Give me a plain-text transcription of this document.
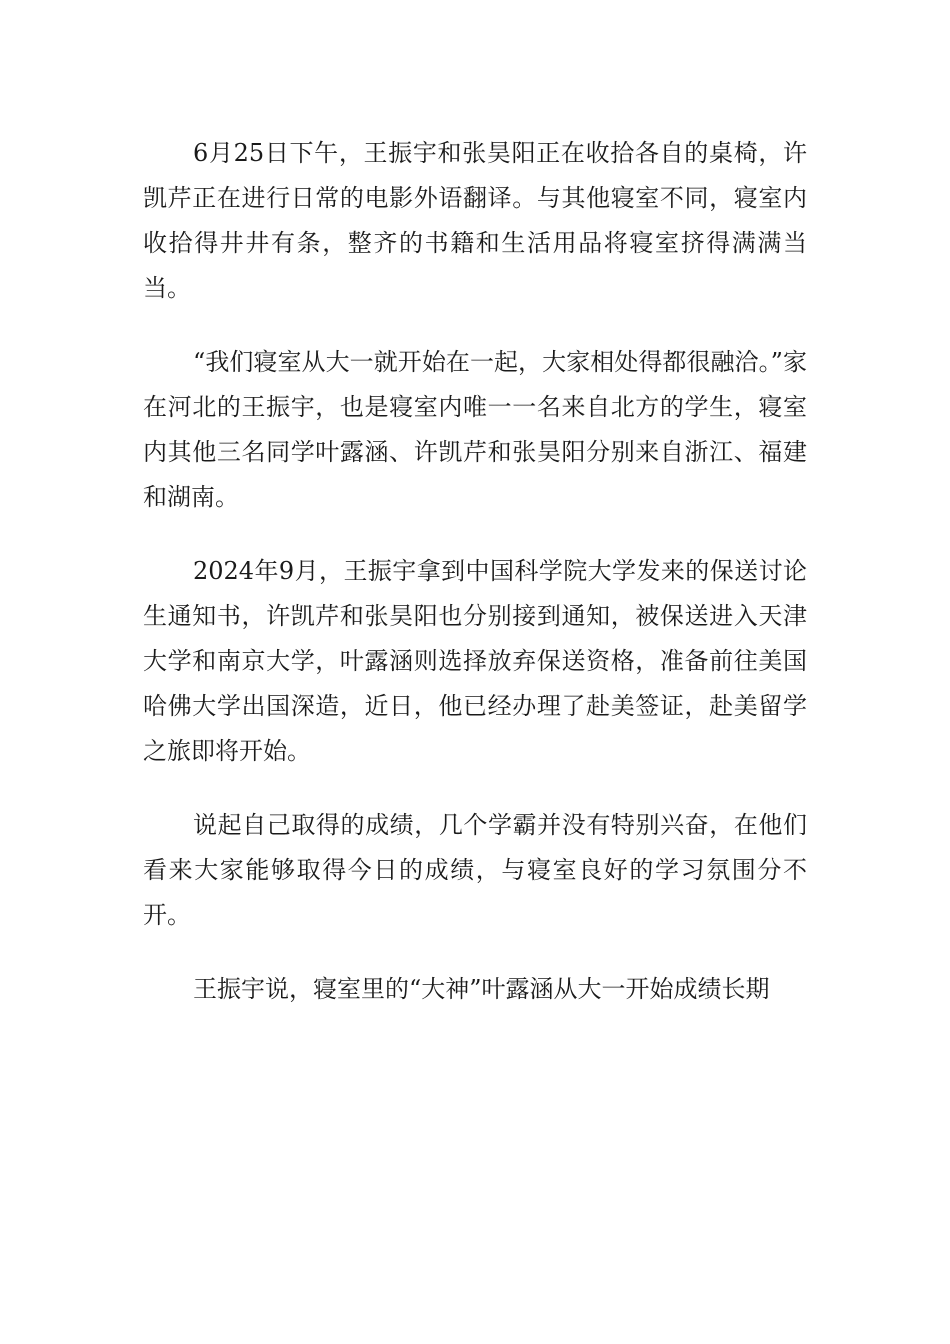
6月25日下午，王振宇和张昊阳正在收拾各自的桌椅，许凯芹正在进行日常的电影外语翻译。与其他寝室不同，寝室内收拾得井井有条，整齐的书籍和生活用品将寝室挤得满满当当。

“我们寝室从大一就开始在一起，大家相处得都很融洽。”家在河北的王振宇，也是寝室内唯一一名来自北方的学生，寝室内其他三名同学叶露涵、许凯芹和张昊阳分别来自浙江、福建和湖南。

2024年9月，王振宇拿到中国科学院大学发来的保送讨论生通知书，许凯芹和张昊阳也分别接到通知，被保送进入天津大学和南京大学，叶露涵则选择放弃保送资格，准备前往美国哈佛大学出国深造，近日，他已经办理了赴美签证，赴美留学之旅即将开始。

说起自己取得的成绩，几个学霸并没有特别兴奋，在他们看来大家能够取得今日的成绩，与寝室良好的学习氛围分不开。

王振宇说，寝室里的“大神”叶露涵从大一开始成绩长期
